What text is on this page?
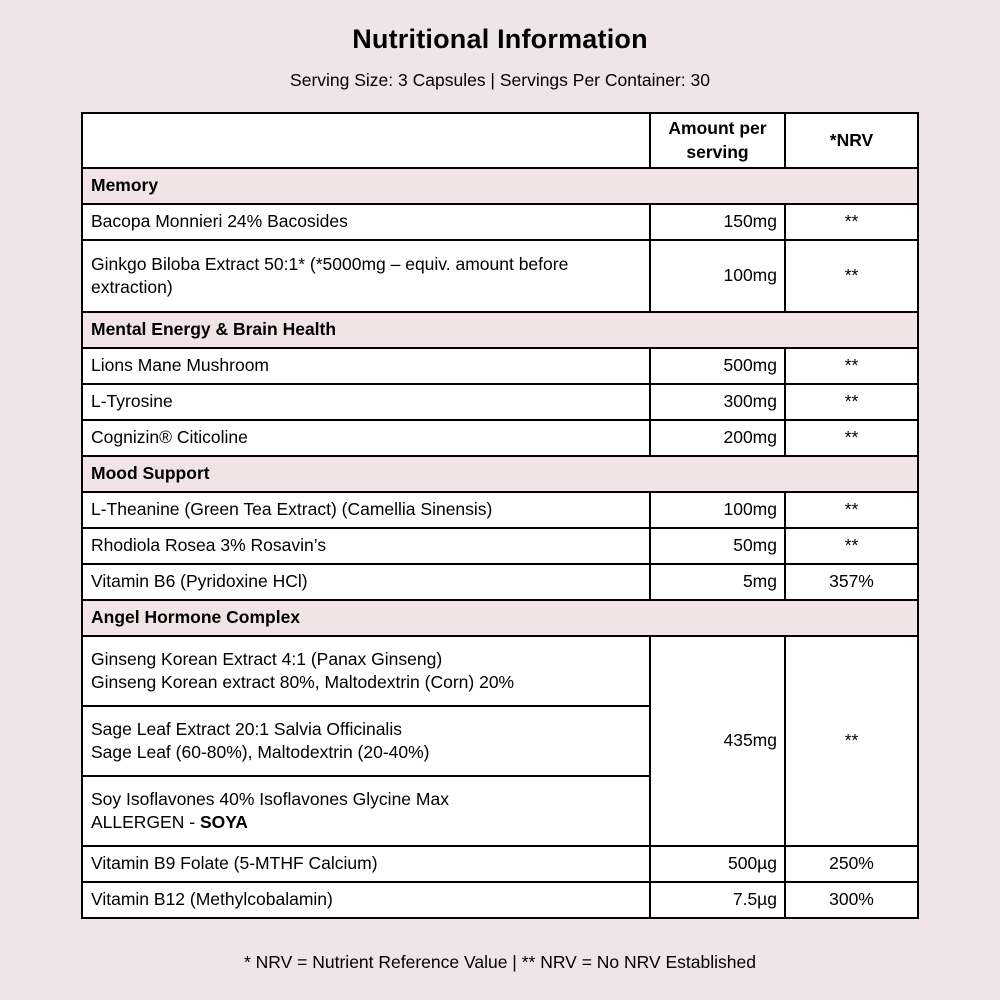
Nutritional Information
Serving Size: 3 Capsules | Servings Per Container: 30
	Amount per serving	*NRV
Memory		
Bacopa Monnieri 24% Bacosides	150mg	**
Ginkgo Biloba Extract 50:1* (*5000mg – equiv. amount before extraction)	100mg	**
Mental Energy & Brain Health		
Lions Mane Mushroom	500mg	**
L-Tyrosine	300mg	**
Cognizin® Citicoline	200mg	**
Mood Support		
L-Theanine (Green Tea Extract) (Camellia Sinensis)	100mg	**
Rhodiola Rosea 3% Rosavin’s	50mg	**
Vitamin B6 (Pyridoxine HCl)	5mg	357%
Angel Hormone Complex		

Ginseng Korean Extract 4:1 (Panax Ginseng)
Ginseng Korean extract 80%, Maltodextrin (Corn) 20%	435mg	**

Sage Leaf Extract 20:1 Salvia Officinalis
Sage Leaf (60-80%), Maltodextrin (20-40%)		

Soy Isoflavones 40% Isoflavones Glycine Max
ALLERGEN - SOYA		

Vitamin B9 Folate (5-MTHF Calcium)	500µg	250%
Vitamin B12 (Methylcobalamin)	7.5µg	300%
* NRV = Nutrient Reference Value | ** NRV = No NRV Established
